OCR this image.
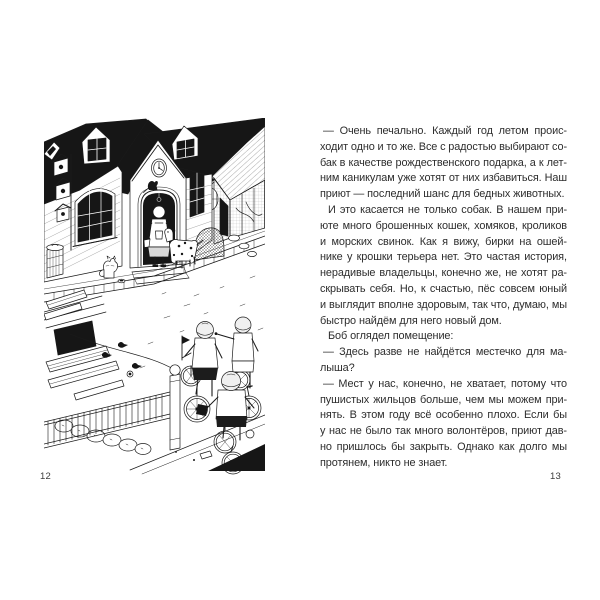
12	13
— Очень печально. Каждый год летом проис-
ходит одно и то же. Все с радостью выбирают со-
бак в качестве рождественского подарка, а к лет-
ним каникулам уже хотят от них избавиться. Наш
приют — последний шанс для бедных животных.
И это касается не только собак. В нашем при-
юте много брошенных кошек, хомяков, кроликов
и морских свинок. Как я вижу, бирки на ошей-
нике у крошки терьера нет. Это частая история,
нерадивые владельцы, конечно же, не хотят ра-
скрывать себя. Но, к счастью, пёс совсем юный
и выглядит вполне здоровым, так что, думаю, мы
быстро найдём для него новый дом.
Боб оглядел помещение:
— Здесь разве не найдётся местечко для ма-
лыша?
— Мест у нас, конечно, не хватает, потому что
пушистых жильцов больше, чем мы можем при-
нять. В этом году всё особенно плохо. Если бы
у нас не было так много волонтёров, приют дав-
но пришлось бы закрыть. Однако как долго мы
протянем, никто не знает.
